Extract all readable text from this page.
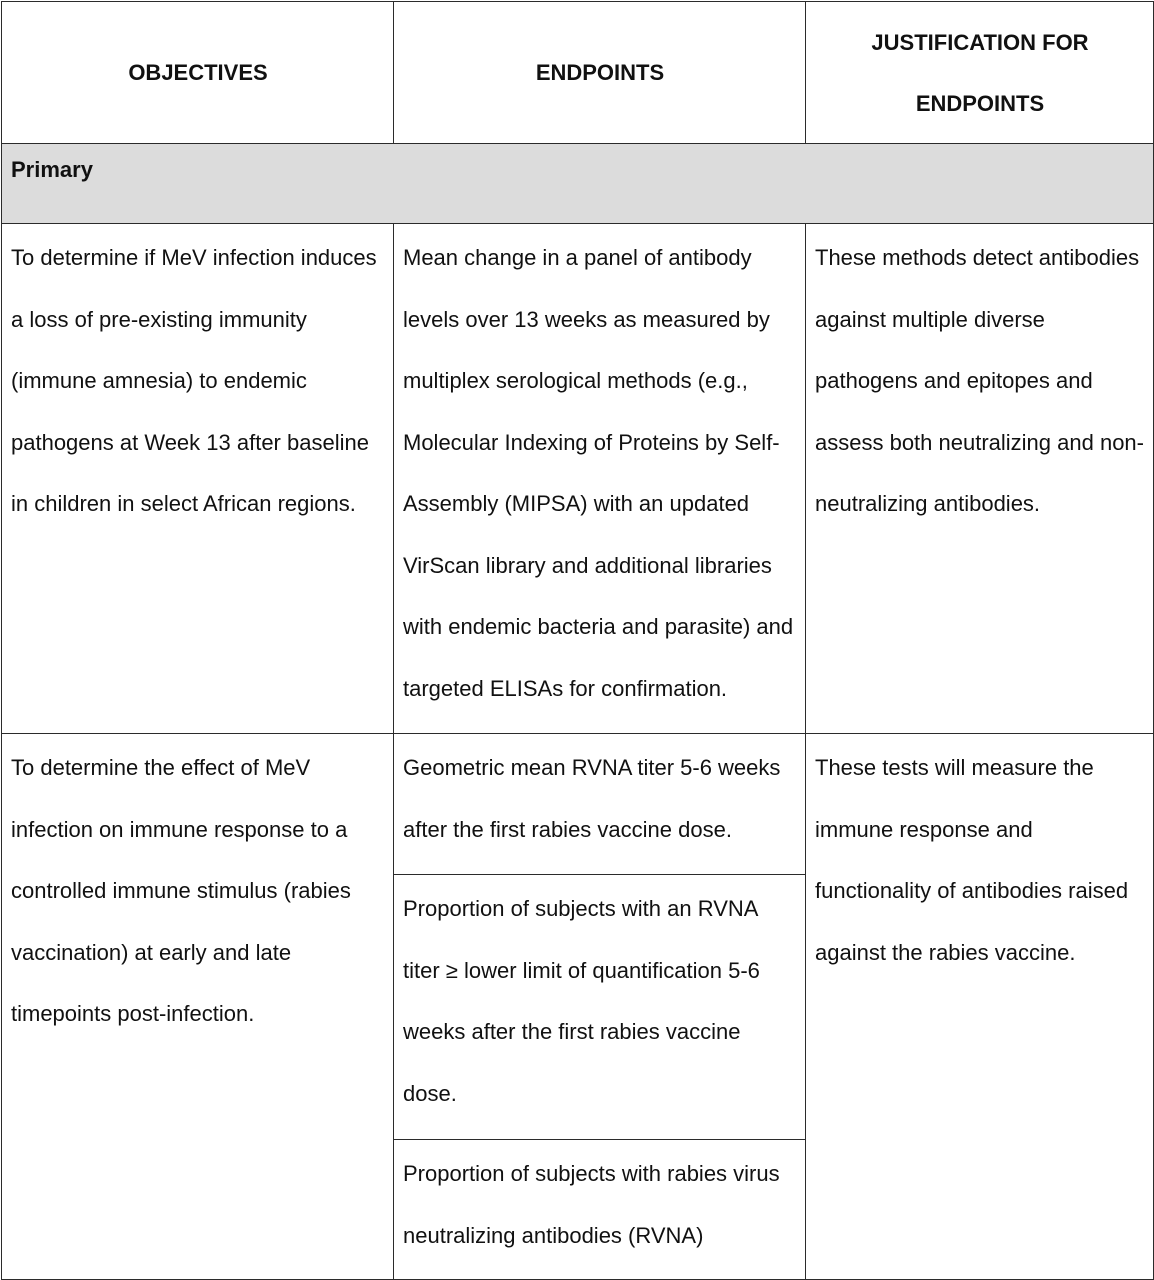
OBJECTIVES	ENDPOINTS	JUSTIFICATION FOR
ENDPOINTS

Primary		
To determine if MeV infection induces a loss of pre-existing immunity (immune amnesia) to endemic pathogens at Week 13 after baseline in children in select African regions.	Mean change in a panel of antibody levels over 13 weeks as measured by multiplex serological methods (e.g., Molecular Indexing of Proteins by Self-Assembly (MIPSA) with an updated VirScan library and additional libraries with endemic bacteria and parasite) and targeted ELISAs for confirmation.	These methods detect antibodies against multiple diverse pathogens and epitopes and assess both neutralizing and non-neutralizing antibodies.
To determine the effect of MeV infection on immune response to a controlled immune stimulus (rabies vaccination) at early and late timepoints post-infection.	Geometric mean RVNA titer 5-6 weeks after the first rabies vaccine dose.	These tests will measure the immune response and functionality of antibodies raised against the rabies vaccine.
	Proportion of subjects with an RVNA titer ≥ lower limit of quantification 5-6 weeks after the first rabies vaccine dose.	
	Proportion of subjects with rabies virus neutralizing antibodies (RVNA)	
